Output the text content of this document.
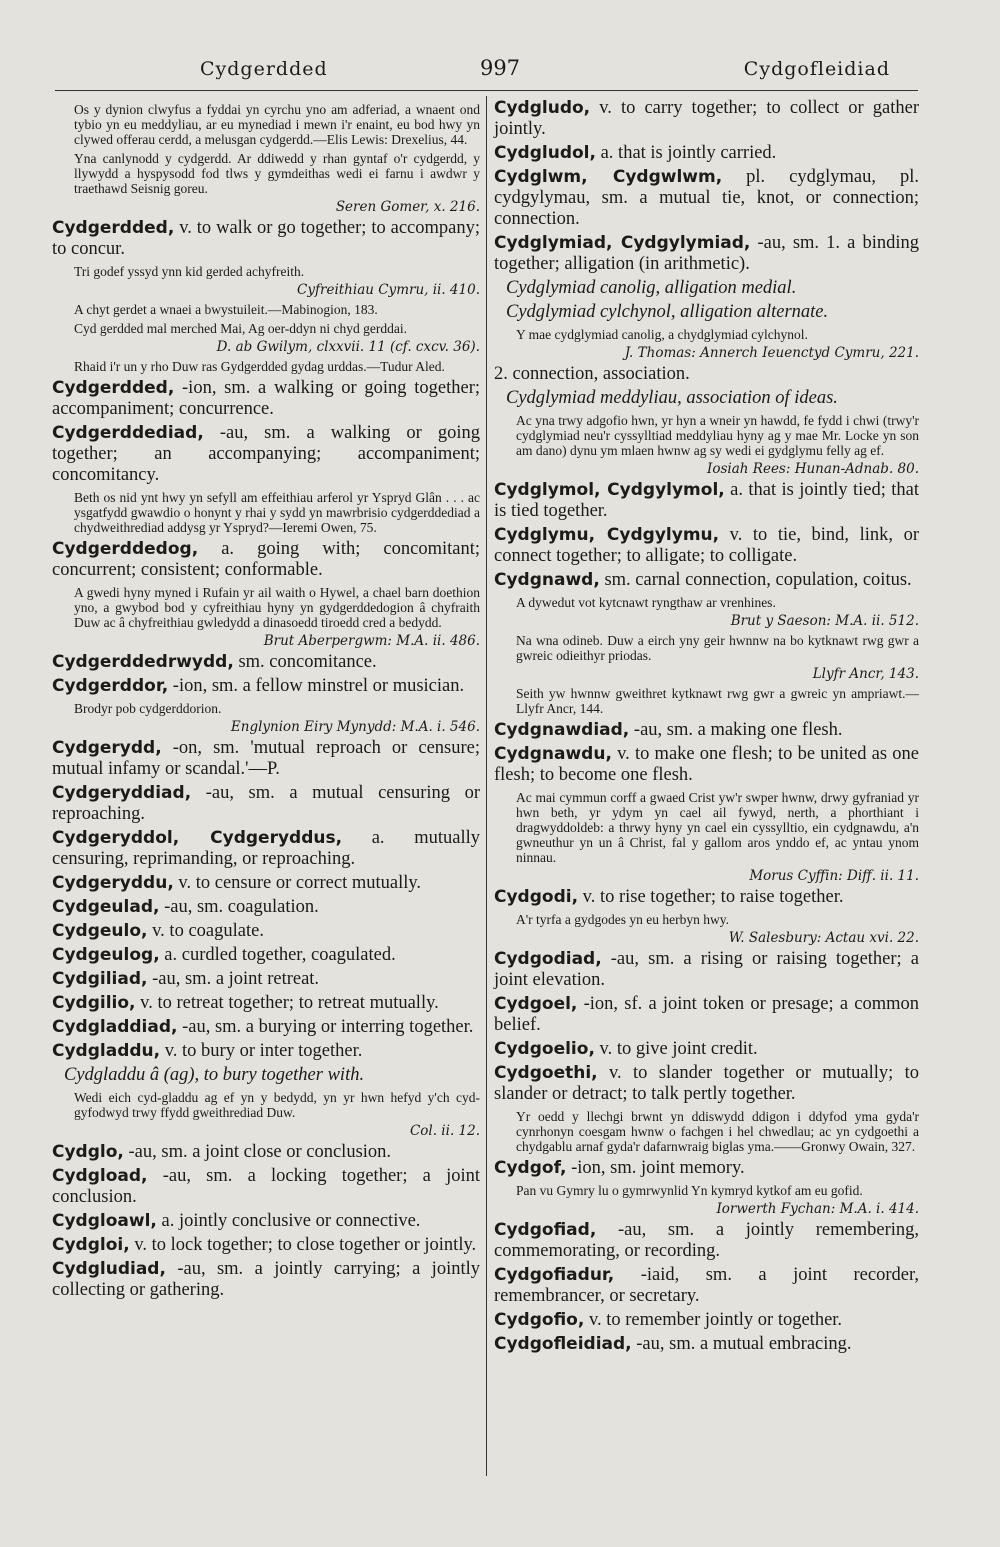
Cydgerdded	997	Cydgofleidiad
Os y dynion clwyfus a fyddai yn cyrchu yno am adferiad, a wnaent ond tybio yn eu meddyliau, ar eu mynediad i mewn i'r enaint, eu bod hwy yn clywed offerau cerdd, a melusgan cydgerdd.—Elis Lewis: Drexelius, 44.
Yna canlynodd y cydgerdd. Ar ddiwedd y rhan gyntaf o'r cydgerdd, y llywydd a hyspysodd fod tlws y gymdeithas wedi ei farnu i awdwr y traethawd Seisnig goreu.
Seren Gomer, x. 216.
Cydgerdded, v. to walk or go together; to accompany; to concur.
Tri godef yssyd ynn kid gerded achyfreith.
Cyfreithiau Cymru, ii. 410.
A chyt gerdet a wnaei a bwystuileit.—Mabinogion, 183.
Cyd gerdded mal merched Mai, Ag oer-ddyn ni chyd gerddai.
D. ab Gwilym, clxxvii. 11 (cf. cxcv. 36).
Rhaid i'r un y rho Duw ras Gydgerdded gydag urddas.—Tudur Aled.
Cydgerdded, -ion, sm. a walking or going together; accompaniment; concurrence.
Cydgerddediad, -au, sm. a walking or going together; an accompanying; accompaniment; concomitancy.
Beth os nid ynt hwy yn sefyll am effeithiau arferol yr Yspryd Glân . . . ac ysgatfydd gwawdio o honynt y rhai y sydd yn mawrbrisio cydgerddediad a chydweithrediad addysg yr Yspryd?—Ieremi Owen, 75.
Cydgerddedog, a. going with; concomitant; concurrent; consistent; conformable.
A gwedi hyny myned i Rufain yr ail waith o Hywel, a chael barn doethion yno, a gwybod bod y cyfreithiau hyny yn gydgerddedogion â chyfraith Duw ac â chyfreithiau gwledydd a dinasoedd tiroedd cred a bedydd.
Brut Aberpergwm: M.A. ii. 486.
Cydgerddedrwydd, sm. concomitance.
Cydgerddor, -ion, sm. a fellow minstrel or musician.
Brodyr pob cydgerddorion.
Englynion Eiry Mynydd: M.A. i. 546.
Cydgerydd, -on, sm. 'mutual reproach or censure; mutual infamy or scandal.'—P.
Cydgeryddiad, -au, sm. a mutual censuring or reproaching.
Cydgeryddol, Cydgeryddus, a. mutually censuring, reprimanding, or reproaching.
Cydgeryddu, v. to censure or correct mutually.
Cydgeulad, -au, sm. coagulation.
Cydgeulo, v. to coagulate.
Cydgeulog, a. curdled together, coagulated.
Cydgiliad, -au, sm. a joint retreat.
Cydgilio, v. to retreat together; to retreat mutually.
Cydgladdiad, -au, sm. a burying or interring together.
Cydgladdu, v. to bury or inter together.
Cydgladdu â (ag), to bury together with.
Wedi eich cyd-gladdu ag ef yn y bedydd, yn yr hwn hefyd y'ch cyd-gyfodwyd trwy ffydd gweithrediad Duw.
Col. ii. 12.
Cydglo, -au, sm. a joint close or conclusion.
Cydgload, -au, sm. a locking together; a joint conclusion.
Cydgloawl, a. jointly conclusive or connective.
Cydgloi, v. to lock together; to close together or jointly.
Cydgludiad, -au, sm. a jointly carrying; a jointly collecting or gathering.
Cydgludo, v. to carry together; to collect or gather jointly.
Cydgludol, a. that is jointly carried.
Cydglwm, Cydgwlwm, pl. cydglymau, pl. cydgylymau, sm. a mutual tie, knot, or connection; connection.
Cydglymiad, Cydgylymiad, -au, sm. 1. a binding together; alligation (in arithmetic).
Cydglymiad canolig, alligation medial.
Cydglymiad cylchynol, alligation alternate.
Y mae cydglymiad canolig, a chydglymiad cylchynol.
J. Thomas: Annerch Ieuenctyd Cymru, 221.
2. connection, association.
Cydglymiad meddyliau, association of ideas.
Ac yna trwy adgofio hwn, yr hyn a wneir yn hawdd, fe fydd i chwi (trwy'r cydglymiad neu'r cyssylltiad meddyliau hyny ag y mae Mr. Locke yn son am dano) dynu ym mlaen hwnw ag sy wedi ei gydglymu felly ag ef.
Iosiah Rees: Hunan-Adnab. 80.
Cydglymol, Cydgylymol, a. that is jointly tied; that is tied together.
Cydglymu, Cydgylymu, v. to tie, bind, link, or connect together; to alligate; to colligate.
Cydgnawd, sm. carnal connection, copulation, coitus.
A dywedut vot kytcnawt ryngthaw ar vrenhines.
Brut y Saeson: M.A. ii. 512.
Na wna odineb. Duw a eirch yny geir hwnnw na bo kytknawt rwg gwr a gwreic odieithyr priodas.
Llyfr Ancr, 143.
Seith yw hwnnw gweithret kytknawt rwg gwr a gwreic yn ampriawt.—Llyfr Ancr, 144.
Cydgnawdiad, -au, sm. a making one flesh.
Cydgnawdu, v. to make one flesh; to be united as one flesh; to become one flesh.
Ac mai cymmun corff a gwaed Crist yw'r swper hwnw, drwy gyfraniad yr hwn beth, yr ydym yn cael ail fywyd, nerth, a phorthiant i dragwyddoldeb: a thrwy hyny yn cael ein cyssylltio, ein cydgnawdu, a'n gwneuthur yn un â Christ, fal y gallom aros ynddo ef, ac yntau ynom ninnau.
Morus Cyffin: Diff. ii. 11.
Cydgodi, v. to rise together; to raise together.
A'r tyrfa a gydgodes yn eu herbyn hwy.
W. Salesbury: Actau xvi. 22.
Cydgodiad, -au, sm. a rising or raising together; a joint elevation.
Cydgoel, -ion, sf. a joint token or presage; a common belief.
Cydgoelio, v. to give joint credit.
Cydgoethi, v. to slander together or mutually; to slander or detract; to talk pertly together.
Yr oedd y llechgi brwnt yn ddiswydd ddigon i ddyfod yma gyda'r cynrhonyn coesgam hwnw o fachgen i hel chwedlau; ac yn cydgoethi a chydgablu arnaf gyda'r dafarnwraig biglas yma.——Gronwy Owain, 327.
Cydgof, -ion, sm. joint memory.
Pan vu Gymry lu o gymrwynlid Yn kymryd kytkof am eu gofid.
Iorwerth Fychan: M.A. i. 414.
Cydgofiad, -au, sm. a jointly remembering, commemorating, or recording.
Cydgofiadur, -iaid, sm. a joint recorder, remembrancer, or secretary.
Cydgofio, v. to remember jointly or together.
Cydgofleidiad, -au, sm. a mutual embracing.
